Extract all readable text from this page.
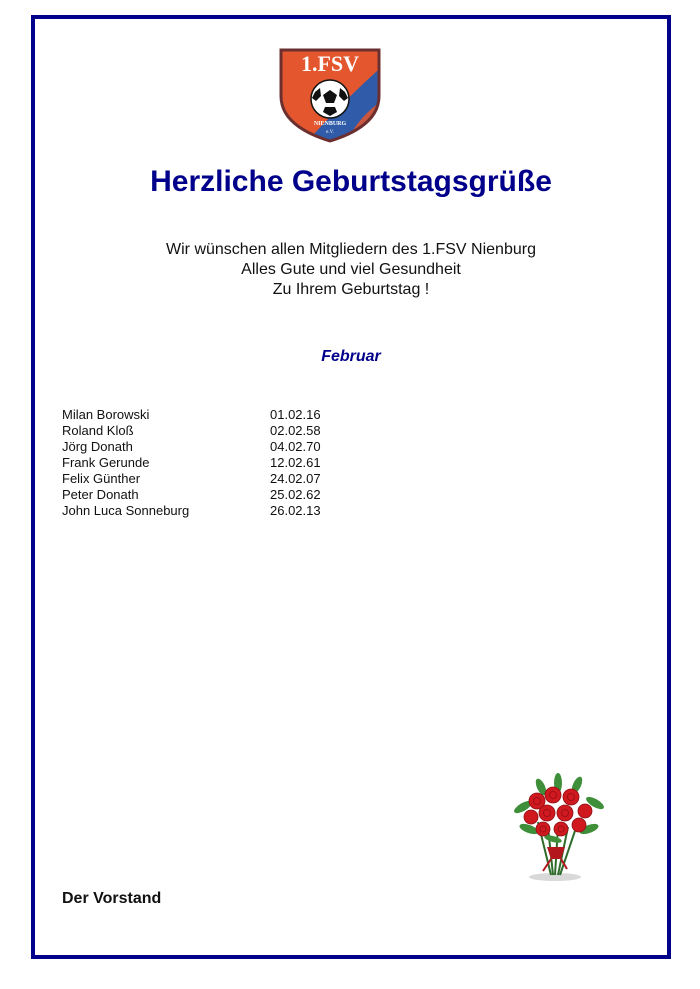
1.FSV
NIENBURG
e.V.
Herzliche Geburtstagsgrüße
Wir wünschen allen Mitgliedern des 1.FSV Nienburg
Alles Gute und viel Gesundheit
Zu Ihrem Geburtstag !
Februar
Milan Borowski	01.02.16
Roland Kloß	02.02.58
Jörg Donath	04.02.70
Frank Gerunde	12.02.61
Felix Günther	24.02.07
Peter Donath	25.02.62
John Luca Sonneburg	26.02.13
Der Vorstand
